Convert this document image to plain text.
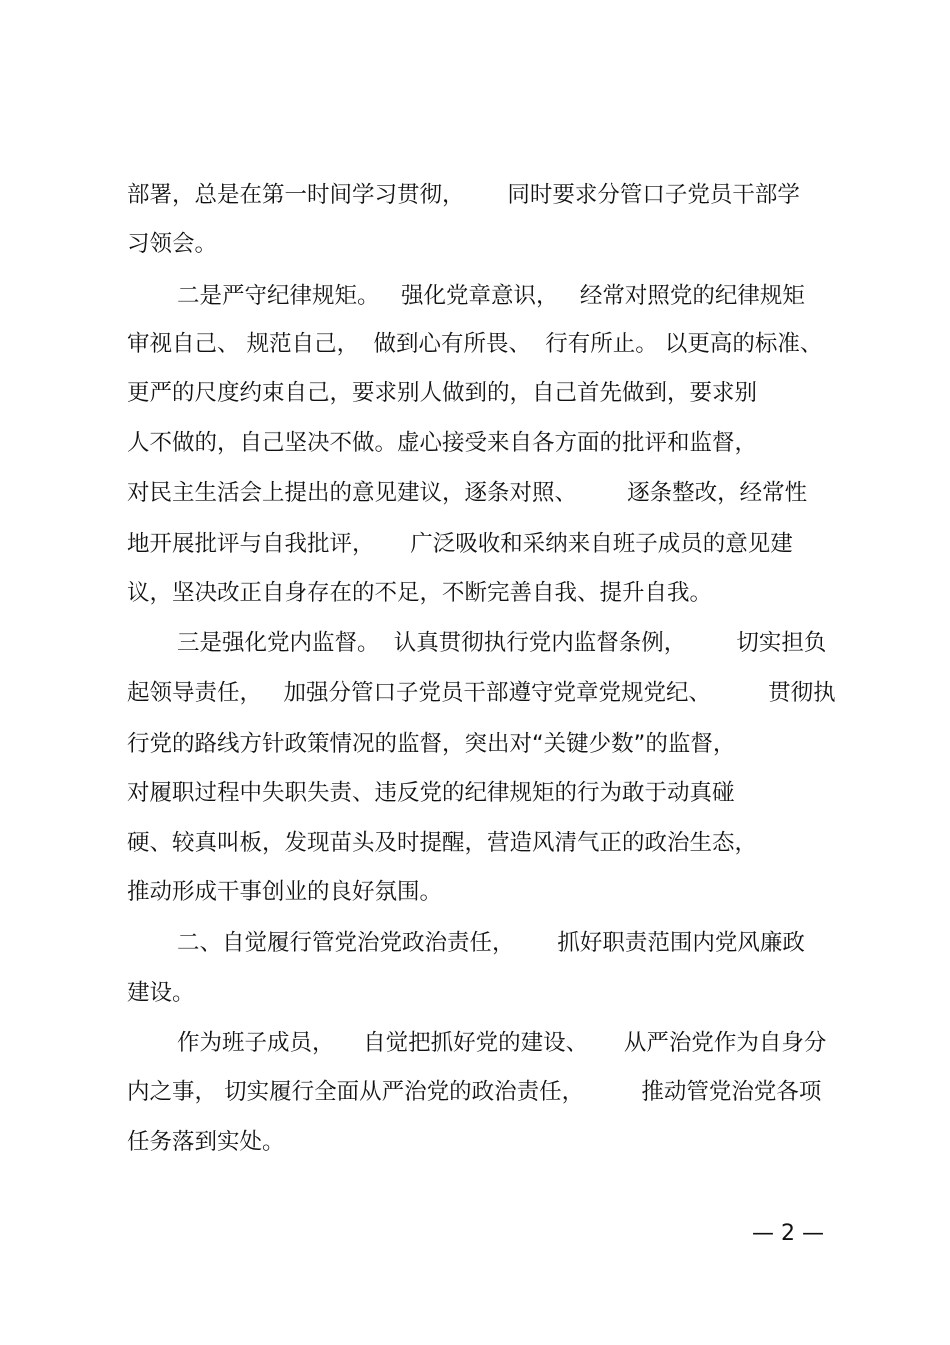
部署，总是在第一时间学习贯彻，      同时要求分管口子党员干部学

习领会。

二是严守纪律规矩。   强化党章意识，   经常对照党的纪律规矩

审视自己、 规范自己，  做到心有所畏、  行有所止。 以更高的标准、

更严的尺度约束自己，要求别人做到的，自己首先做到，要求别

人不做的，自己坚决不做。虚心接受来自各方面的批评和监督，

对民主生活会上提出的意见建议，逐条对照、       逐条整改，经常性

地开展批评与自我批评，     广泛吸收和采纳来自班子成员的意见建

议，坚决改正自身存在的不足，不断完善自我、提升自我。

三是强化党内监督。  认真贯彻执行党内监督条例，       切实担负

起领导责任，   加强分管口子党员干部遵守党章党规党纪、        贯彻执

行党的路线方针政策情况的监督，突出对“关键少数”的监督，

对履职过程中失职失责、违反党的纪律规矩的行为敢于动真碰

硬、较真叫板，发现苗头及时提醒，营造风清气正的政治生态，

推动形成干事创业的良好氛围。

二、自觉履行管党治党政治责任，      抓好职责范围内党风廉政

建设。

作为班子成员，    自觉把抓好党的建设、     从严治党作为自身分

内之事， 切实履行全面从严治党的政治责任，        推动管党治党各项

任务落到实处。

— 2 —
